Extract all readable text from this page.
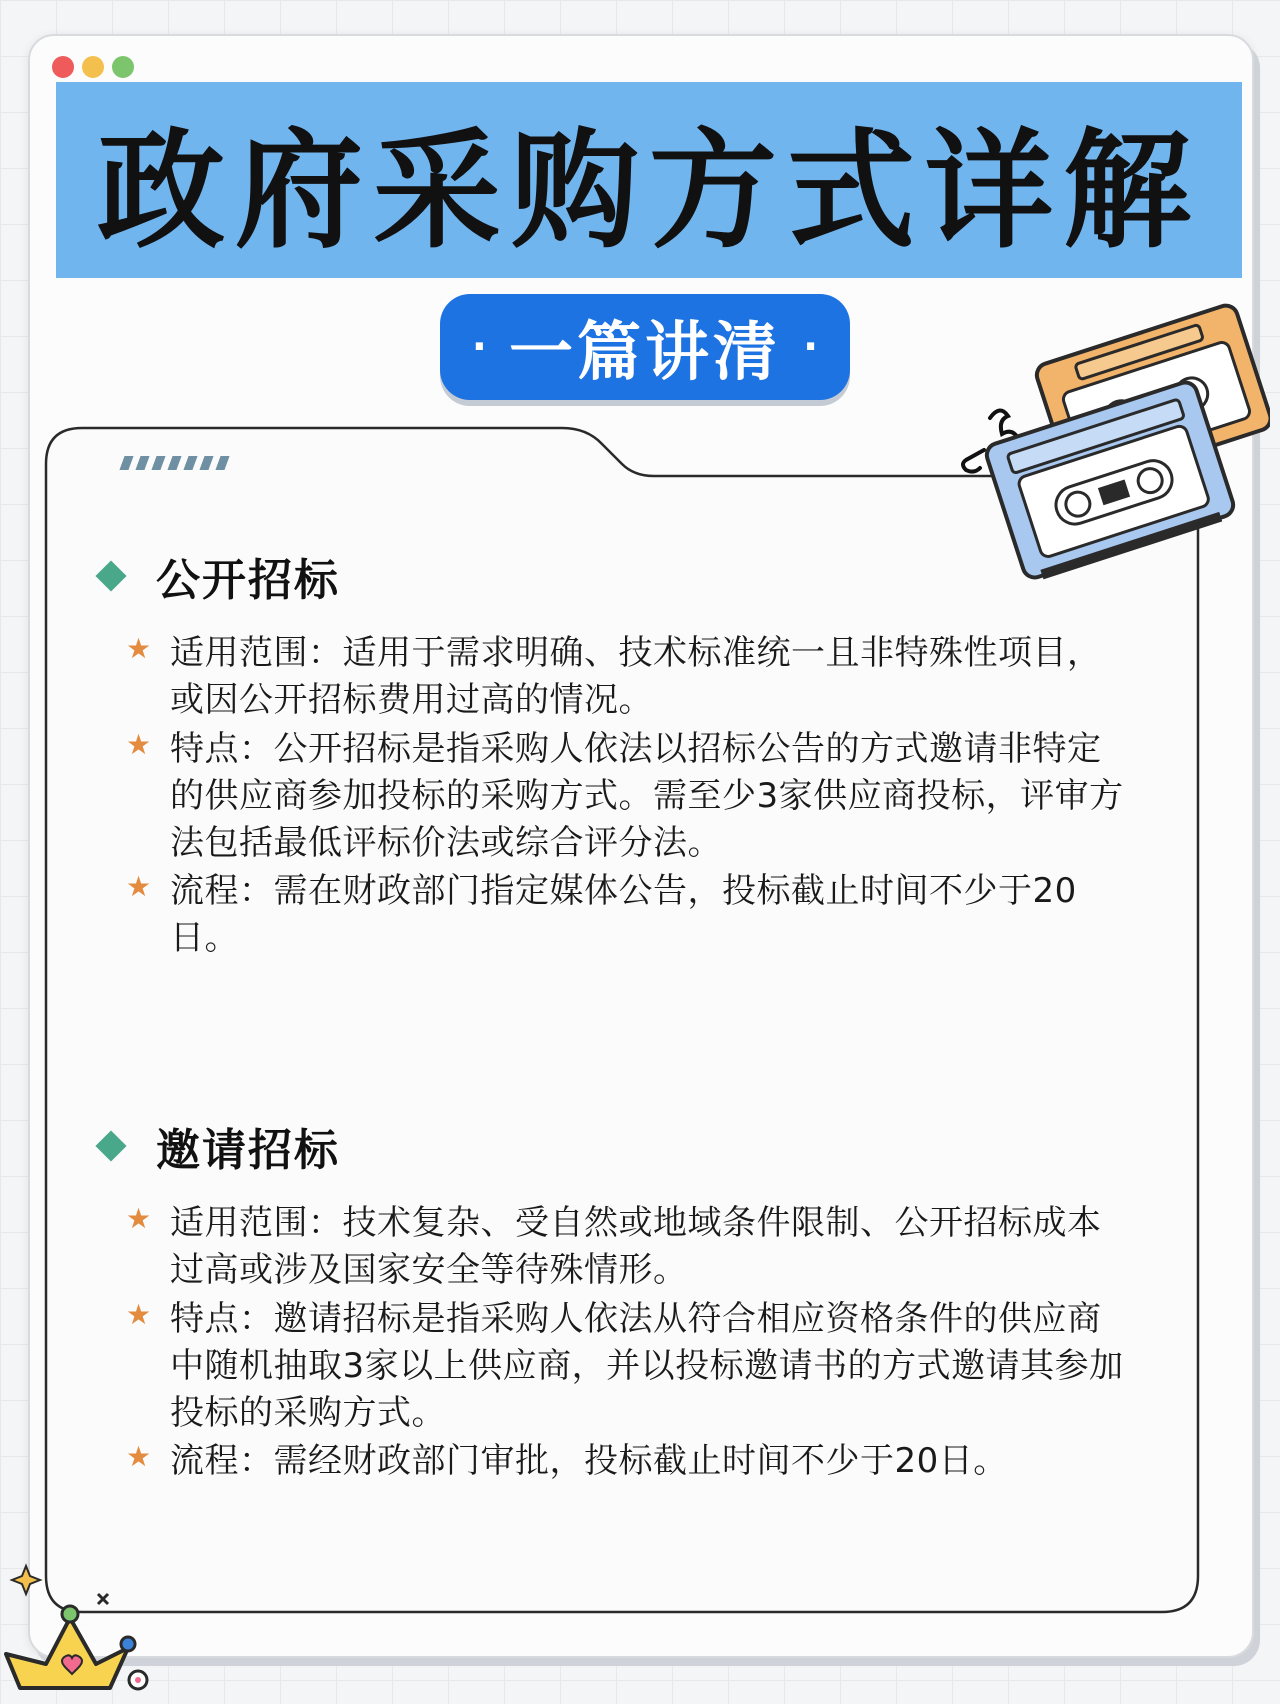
政府采购方式详解
· 一篇讲清 ·
公开招标
★ 适用范围：适用于需求明确、技术标准统一且非特殊性项目，或因公开招标费用过高的情况。
★ 特点：公开招标是指采购人依法以招标公告的方式邀请非特定的供应商参加投标的采购方式。需至少3家供应商投标，评审方法包括最低评标价法或综合评分法。
★ 流程：需在财政部门指定媒体公告，投标截止时间不少于20日。
邀请招标
★ 适用范围：技术复杂、受自然或地域条件限制、公开招标成本过高或涉及国家安全等待殊情形。
★ 特点：邀请招标是指采购人依法从符合相应资格条件的供应商中随机抽取3家以上供应商，并以投标邀请书的方式邀请其参加投标的采购方式。
★ 流程：需经财政部门审批，投标截止时间不少于20日。
